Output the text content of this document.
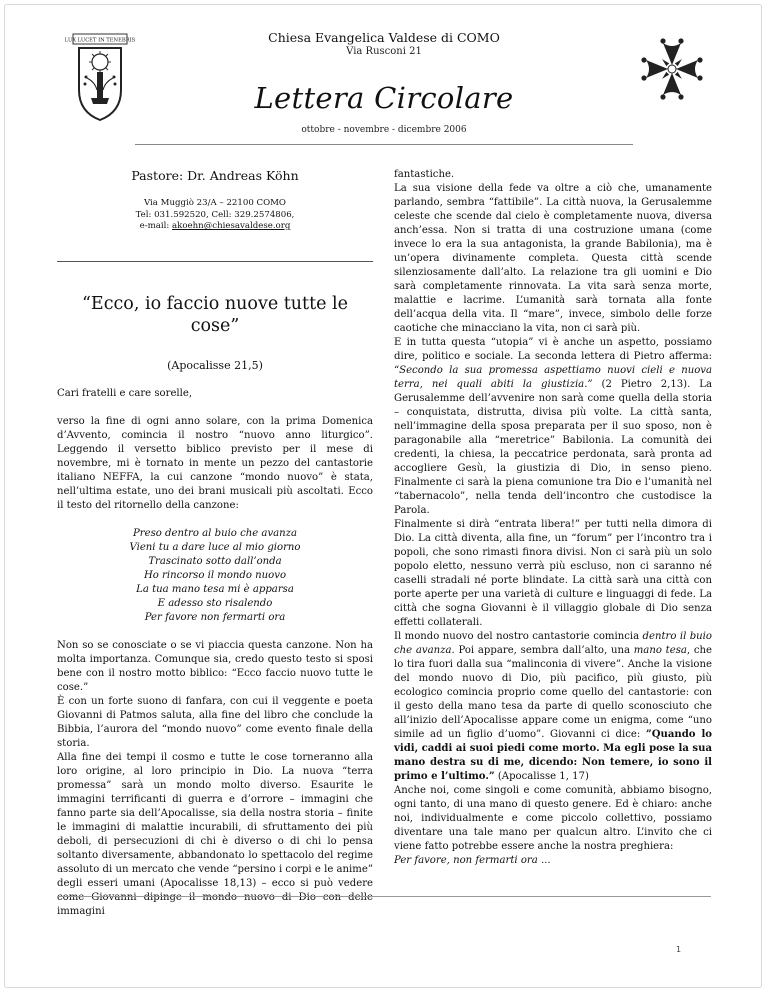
LUX LUCET IN TENEBRIS	Chiesa Evangelica Valdese di COMO
Via Rusconi 21
Lettera Circolare
ottobre - novembre - dicembre 2006
Pastore: Dr. Andreas Köhn
Via Muggiò 23/A – 22100 COMO
Tel: 031.592520, Cell: 329.2574806,
e-mail: akoehn@chiesavaldese.org
“Ecco, io faccio nuove tutte le cose”
(Apocalisse 21,5)

Cari fratelli e care sorelle,

verso la fine di ogni anno solare, con la prima Domenica d’Avvento, comincia il nostro “nuovo anno liturgico”. Leggendo il versetto biblico previsto per il mese di novembre, mi è tornato in mente un pezzo del cantastorie italiano NEFFA, la cui canzone “mondo nuovo” è stata, nell’ultima estate, uno dei brani musicali più ascoltati. Ecco il testo del ritornello della canzone:

Preso dentro al buio che avanza
Vieni tu a dare luce al mio giorno
Trascinato sotto dall’onda
Ho rincorso il mondo nuovo
La tua mano tesa mi è apparsa
E adesso sto risalendo
Per favore non fermarti ora

Non so se conosciate o se vi piaccia questa canzone. Non ha molta importanza. Comunque sia, credo questo testo si sposi bene con il nostro motto biblico: “Ecco faccio nuovo tutte le cose.”

È con un forte suono di fanfara, con cui il veggente e poeta Giovanni di Patmos saluta, alla fine del libro che conclude la Bibbia, l’aurora del “mondo nuovo” come evento finale della storia.

Alla fine dei tempi il cosmo e tutte le cose torneranno alla loro origine, al loro principio in Dio. La nuova “terra promessa” sarà un mondo molto diverso. Esaurite le immagini terrificanti di guerra e d’orrore – immagini che fanno parte sia dell’Apocalisse, sia della nostra storia – finite le immagini di malattie incurabili, di sfruttamento dei più deboli, di persecuzioni di chi è diverso o di chi lo pensa soltanto diversamente, abbandonato lo spettacolo del regime assoluto di un mercato che vende “persino i corpi e le anime” degli esseri umani (Apocalisse 18,13) – ecco si può vedere come Giovanni dipinge il mondo nuovo di Dio con delle immagini

fantastiche.

La sua visione della fede va oltre a ciò che, umanamente parlando, sembra “fattibile”. La città nuova, la Gerusalemme celeste che scende dal cielo è completamente nuova, diversa anch’essa. Non si tratta di una costruzione umana (come invece lo era la sua antagonista, la grande Babilonia), ma è un’opera divinamente completa. Questa città scende silenziosamente dall’alto. La relazione tra gli uomini e Dio sarà completamente rinnovata. La vita sarà senza morte, malattie e lacrime. L’umanità sarà tornata alla fonte dell’acqua della vita. Il “mare”, invece, simbolo delle forze caotiche che minacciano la vita, non ci sarà più.

E in tutta questa “utopia” vi è anche un aspetto, possiamo dire, politico e sociale. La seconda lettera di Pietro afferma: “Secondo la sua promessa aspettiamo nuovi cieli e nuova terra, nei quali abiti la giustizia.” (2 Pietro 2,13). La Gerusalemme dell’avvenire non sarà come quella della storia – conquistata, distrutta, divisa più volte. La città santa, nell’immagine della sposa preparata per il suo sposo, non è paragonabile alla “meretrice” Babilonia. La comunità dei credenti, la chiesa, la peccatrice perdonata, sarà pronta ad accogliere Gesù, la giustizia di Dio, in senso pieno. Finalmente ci sarà la piena comunione tra Dio e l’umanità nel “tabernacolo”, nella tenda dell’incontro che custodisce la Parola.

Finalmente si dirà “entrata libera!” per tutti nella dimora di Dio. La città diventa, alla fine, un “forum” per l’incontro tra i popoli, che sono rimasti finora divisi. Non ci sarà più un solo popolo eletto, nessuno verrà più escluso, non ci saranno né caselli stradali né porte blindate. La città sarà una città con porte aperte per una varietà di culture e linguaggi di fede. La città che sogna Giovanni è il villaggio globale di Dio senza effetti collaterali.

Il mondo nuovo del nostro cantastorie comincia dentro il buio che avanza. Poi appare, sembra dall’alto, una mano tesa, che lo tira fuori dalla sua “malinconia di vivere”. Anche la visione del mondo nuovo di Dio, più pacifico, più giusto, più ecologico comincia proprio come quello del cantastorie: con il gesto della mano tesa da parte di quello sconosciuto che all’inizio dell’Apocalisse appare come un enigma, come “uno simile ad un figlio d’uomo”. Giovanni ci dice: ”Quando lo vidi, caddi ai suoi piedi come morto. Ma egli pose la sua mano destra su di me, dicendo: Non temere, io sono il primo e l’ultimo.” (Apocalisse 1, 17)

Anche noi, come singoli e come comunità, abbiamo bisogno, ogni tanto, di una mano di questo genere. Ed è chiaro: anche noi, individualmente e come piccolo collettivo, possiamo diventare una tale mano per qualcun altro. L’invito che ci viene fatto potrebbe essere anche la nostra preghiera:

Per favore, non fermarti ora ...

1
